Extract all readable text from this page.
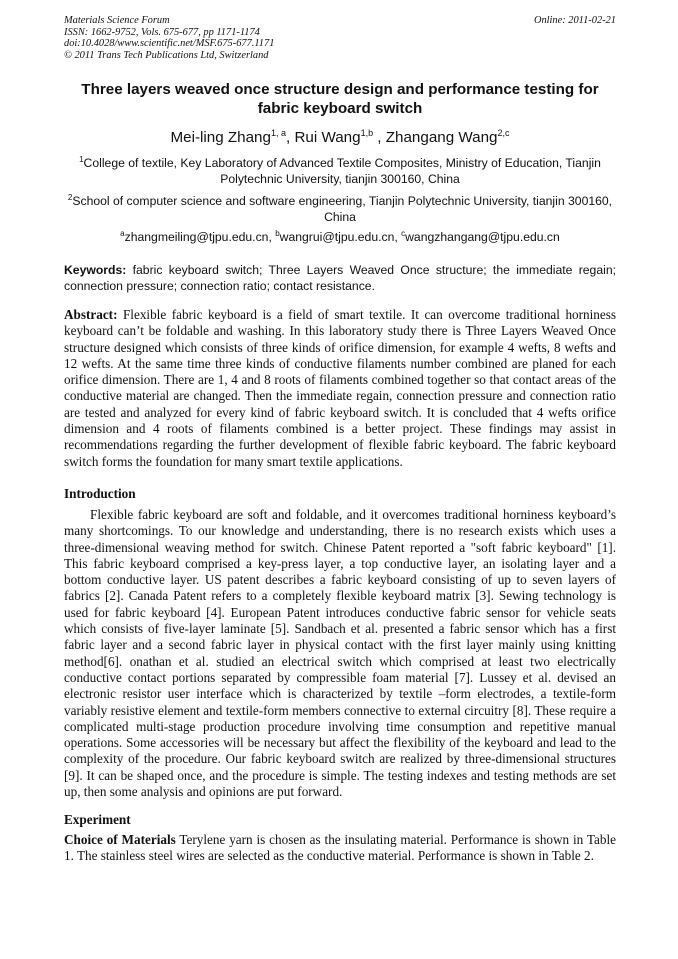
Materials Science Forum
ISSN: 1662-9752, Vols. 675-677, pp 1171-1174
doi:10.4028/www.scientific.net/MSF.675-677.1171
© 2011 Trans Tech Publications Ltd, Switzerland
Online: 2011-02-21
Three layers weaved once structure design and performance testing for fabric keyboard switch
Mei-ling Zhang$^{1, a}$, Rui Wang$^{1,b}$ , Zhangang Wang$^{2,c}$
$^1$College of textile, Key Laboratory of Advanced Textile Composites, Ministry of Education, Tianjin Polytechnic University, tianjin 300160, China
$^2$School of computer science and software engineering, Tianjin Polytechnic University, tianjin 300160, China
$^a$zhangmeiling@tjpu.edu.cn, $^b$wangrui@tjpu.edu.cn, $^c$wangzhangang@tjpu.edu.cn
Keywords: fabric keyboard switch; Three Layers Weaved Once structure; the immediate regain; connection pressure; connection ratio; contact resistance.
Abstract: Flexible fabric keyboard is a field of smart textile. It can overcome traditional horniness keyboard can’t be foldable and washing. In this laboratory study there is Three Layers Weaved Once structure designed which consists of three kinds of orifice dimension, for example 4 wefts, 8 wefts and 12 wefts. At the same time three kinds of conductive filaments number combined are planed for each orifice dimension. There are 1, 4 and 8 roots of filaments combined together so that contact areas of the conductive material are changed. Then the immediate regain, connection pressure and connection ratio are tested and analyzed for every kind of fabric keyboard switch. It is concluded that 4 wefts orifice dimension and 4 roots of filaments combined is a better project. These findings may assist in recommendations regarding the further development of flexible fabric keyboard. The fabric keyboard switch forms the foundation for many smart textile applications.
Introduction
Flexible fabric keyboard are soft and foldable, and it overcomes traditional horniness keyboard’s many shortcomings. To our knowledge and understanding, there is no research exists which uses a three-dimensional weaving method for switch. Chinese Patent reported a "soft fabric keyboard" [1]. This fabric keyboard comprised a key-press layer, a top conductive layer, an isolating layer and a bottom conductive layer. US patent describes a fabric keyboard consisting of up to seven layers of fabrics [2]. Canada Patent refers to a completely flexible keyboard matrix [3]. Sewing technology is used for fabric keyboard [4]. European Patent introduces conductive fabric sensor for vehicle seats which consists of five-layer laminate [5]. Sandbach et al. presented a fabric sensor which has a first fabric layer and a second fabric layer in physical contact with the first layer mainly using knitting method[6]. onathan et al. studied an electrical switch which comprised at least two electrically conductive contact portions separated by compressible foam material [7]. Lussey et al. devised an electronic resistor user interface which is characterized by textile –form electrodes, a textile-form variably resistive element and textile-form members connective to external circuitry [8]. These require a complicated multi-stage production procedure involving time consumption and repetitive manual operations. Some accessories will be necessary but affect the flexibility of the keyboard and lead to the complexity of the procedure. Our fabric keyboard switch are realized by three-dimensional structures [9]. It can be shaped once, and the procedure is simple. The testing indexes and testing methods are set up, then some analysis and opinions are put forward.
Experiment
Choice of Materials Terylene yarn is chosen as the insulating material. Performance is shown in Table 1. The stainless steel wires are selected as the conductive material. Performance is shown in Table 2.
